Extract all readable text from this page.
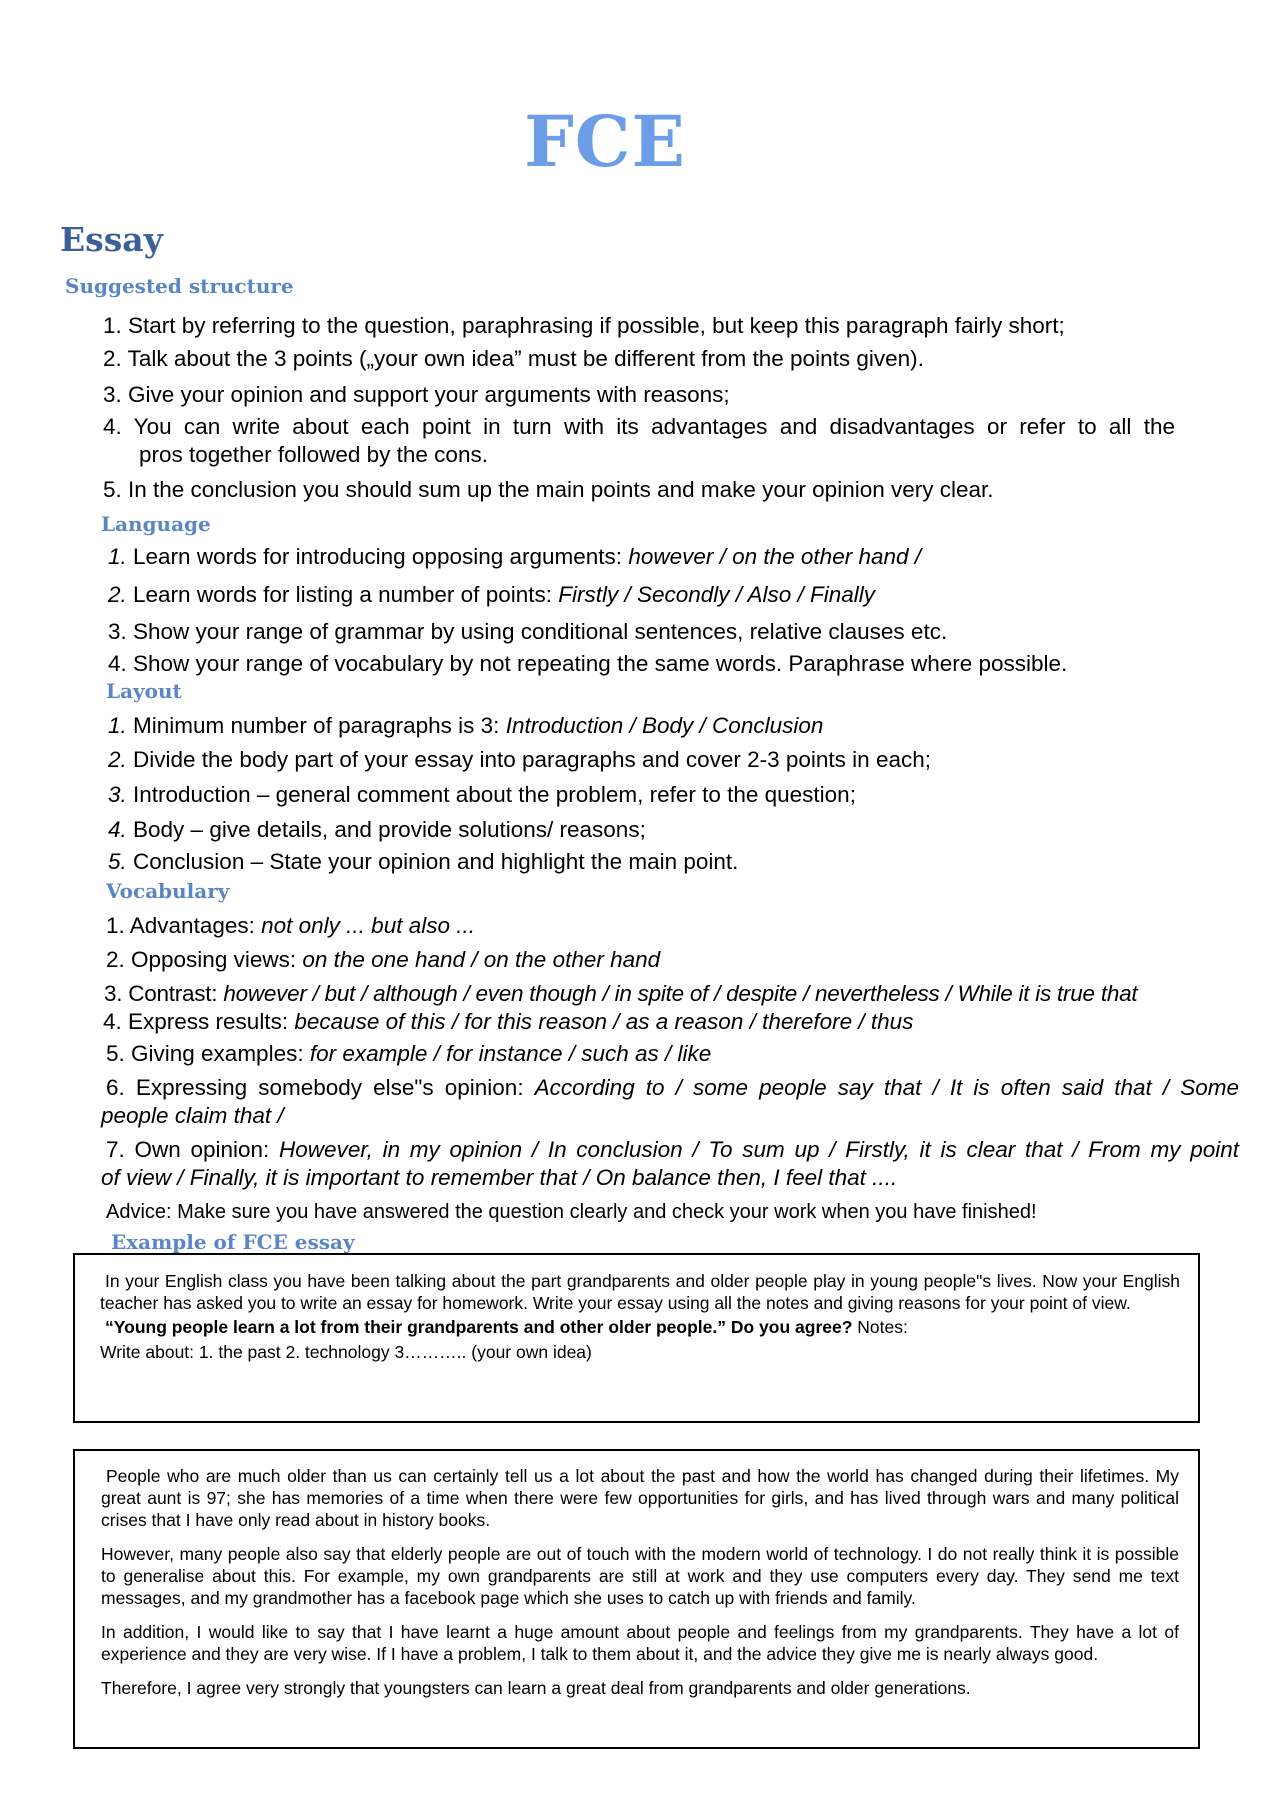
FCE
Essay
Suggested structure
1. Start by referring to the question, paraphrasing if possible, but keep this paragraph fairly short;
2. Talk about the 3 points („your own idea” must be different from the points given).
3. Give your opinion and support your arguments with reasons;
4. You can write about each point in turn with its advantages and disadvantages or refer to all the
pros together followed by the cons.
5. In the conclusion you should sum up the main points and make your opinion very clear.
Language
1. Learn words for introducing opposing arguments: however / on the other hand /
2. Learn words for listing a number of points: Firstly / Secondly / Also / Finally
3. Show your range of grammar by using conditional sentences, relative clauses etc.
4. Show your range of vocabulary by not repeating the same words. Paraphrase where possible.
Layout
1. Minimum number of paragraphs is 3: Introduction / Body / Conclusion
2. Divide the body part of your essay into paragraphs and cover 2-3 points in each;
3. Introduction – general comment about the problem, refer to the question;
4. Body – give details, and provide solutions/ reasons;
5. Conclusion – State your opinion and highlight the main point.
Vocabulary
1. Advantages: not only ... but also ...
2. Opposing views: on the one hand / on the other hand
3. Contrast: however / but / although / even though / in spite of / despite / nevertheless / While it is true that
4. Express results: because of this / for this reason / as a reason / therefore / thus
5. Giving examples: for example / for instance / such as / like
6. Expressing somebody else"s opinion: According to / some people say that / It is often said that / Some
people claim that /
7. Own opinion: However, in my opinion / In conclusion / To sum up / Firstly, it is clear that / From my point
of view / Finally, it is important to remember that / On balance then, I feel that ....
Advice: Make sure you have answered the question clearly and check your work when you have finished!
Example of FCE essay

In your English class you have been talking about the part grandparents and older people play in young people"s lives. Now your English teacher has asked you to write an essay for homework. Write your essay using all the notes and giving reasons for your point of view.

“Young people learn a lot from their grandparents and other older people.” Do you agree? Notes:

Write about: 1. the past 2. technology 3……….. (your own idea)

People who are much older than us can certainly tell us a lot about the past and how the world has changed during their lifetimes. My great aunt is 97; she has memories of a time when there were few opportunities for girls, and has lived through wars and many political crises that I have only read about in history books.

However, many people also say that elderly people are out of touch with the modern world of technology. I do not really think it is possible to generalise about this. For example, my own grandparents are still at work and they use computers every day. They send me text messages, and my grandmother has a facebook page which she uses to catch up with friends and family.

In addition, I would like to say that I have learnt a huge amount about people and feelings from my grandparents. They have a lot of experience and they are very wise. If I have a problem, I talk to them about it, and the advice they give me is nearly always good.

Therefore, I agree very strongly that youngsters can learn a great deal from grandparents and older generations.
